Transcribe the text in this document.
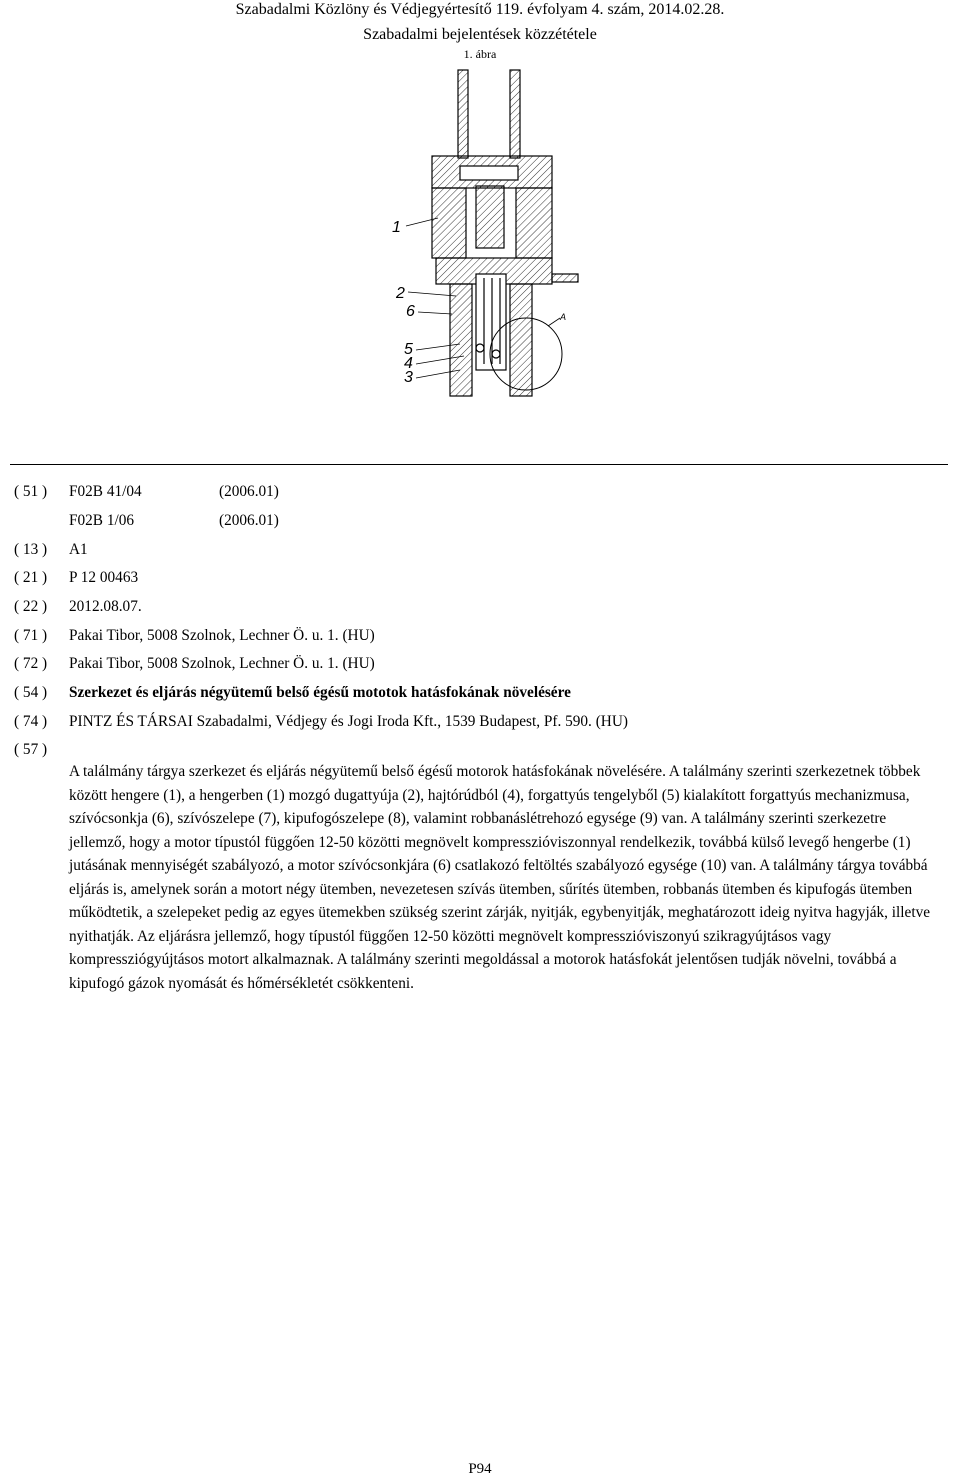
Szabadalmi Közlöny és Védjegyértesítő 119. évfolyam 4. szám, 2014.02.28.
Szabadalmi bejelentések közzététele
1. ábra
1
2
6
5
4
3
A
( 51 ) F02B 41/04	(2006.01)
F02B 1/06	(2006.01)
( 13 ) A1
( 21 ) P 12 00463
( 22 ) 2012.08.07.
( 71 ) Pakai Tibor, 5008 Szolnok, Lechner Ö. u. 1. (HU)
( 72 ) Pakai Tibor, 5008 Szolnok, Lechner Ö. u. 1. (HU)
( 54 ) Szerkezet és eljárás négyütemű belső égésű mototok hatásfokának növelésére
( 74 ) PINTZ ÉS TÁRSAI Szabadalmi, Védjegy és Jogi Iroda Kft., 1539 Budapest, Pf. 590. (HU)
( 57 )

A találmány tárgya szerkezet és eljárás négyütemű belső égésű motorok hatásfokának növelésére. A találmány szerinti szerkezetnek többek között hengere (1), a hengerben (1) mozgó dugattyúja (2), hajtórúdból (4), forgattyús tengelyből (5) kialakított forgattyús mechanizmusa, szívócsonkja (6), szívószelepe (7), kipufogószelepe (8), valamint robbanáslétrehozó egysége (9) van. A találmány szerinti szerkezetre jellemző, hogy a motor típustól függően 12-50 közötti megnövelt kompresszióviszonnyal rendelkezik, továbbá külső levegő hengerbe (1) jutásának mennyiségét szabályozó, a motor szívócsonkjára (6) csatlakozó feltöltés szabályozó egysége (10) van. A találmány tárgya továbbá eljárás is, amelynek során a motort négy ütemben, nevezetesen szívás ütemben, sűrítés ütemben, robbanás ütemben és kipufogás ütemben működtetik, a szelepeket pedig az egyes ütemekben szükség szerint zárják, nyitják, egybenyitják, meghatározott ideig nyitva hagyják, illetve nyithatják. Az eljárásra jellemző, hogy típustól függően 12-50 közötti megnövelt kompresszióviszonyú szikragyújtásos vagy kompressziógyújtásos motort alkalmaznak. A találmány szerinti megoldással a motorok hatásfokát jelentősen tudják növelni, továbbá a kipufogó gázok nyomását és hőmérsékletét csökkenteni.

P94
